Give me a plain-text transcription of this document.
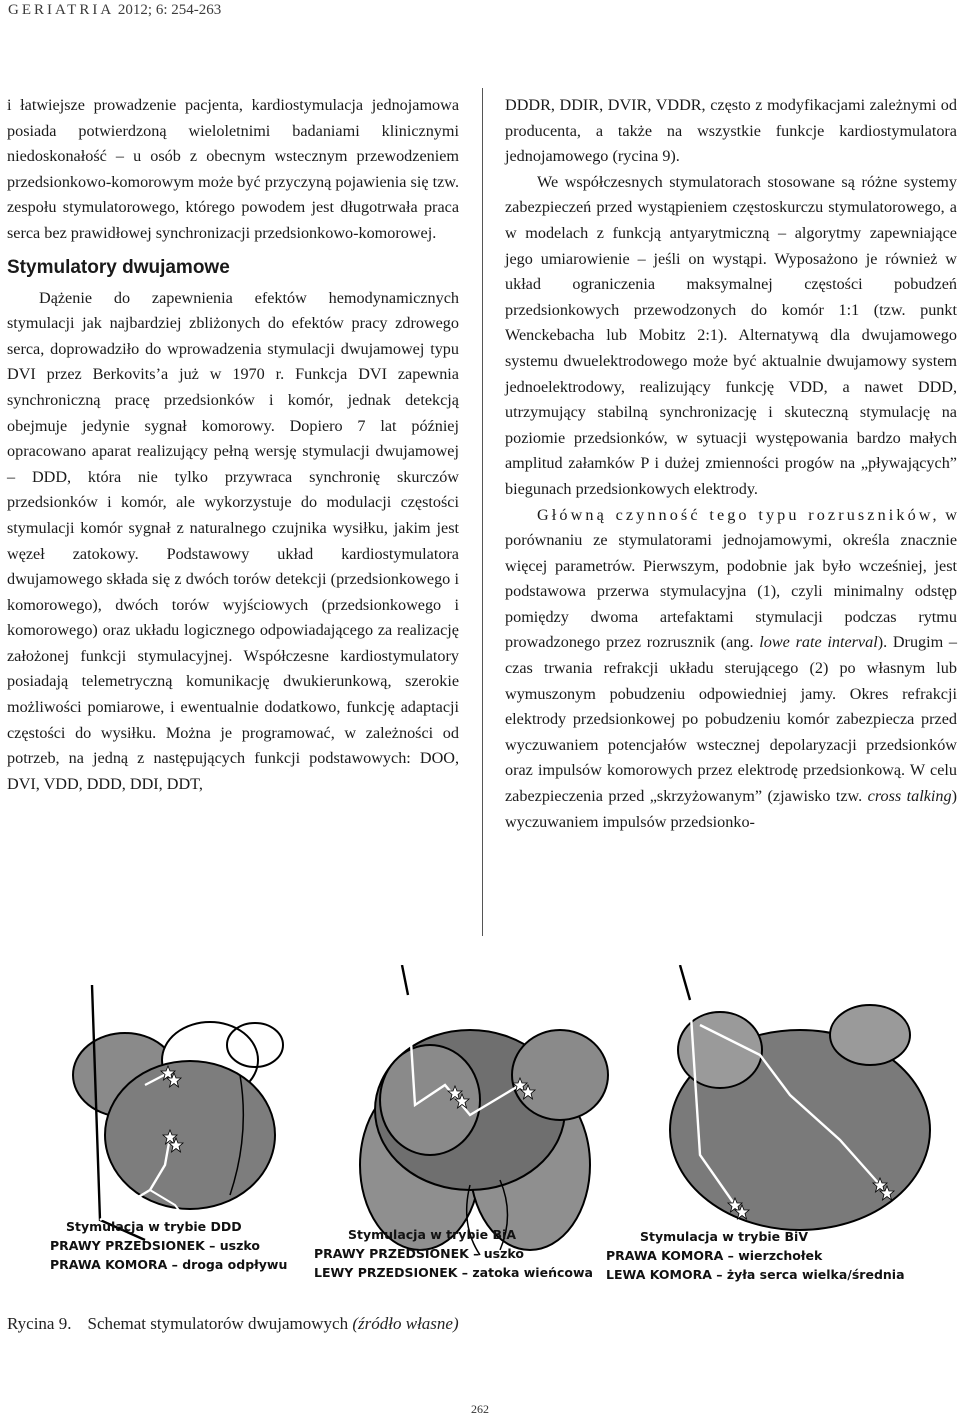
GERIATRIA 2012; 6: 254-263

i łatwiejsze prowadzenie pacjenta, kardiostymulacja jednojamowa posiada potwierdzoną wieloletnimi badaniami klinicznymi niedoskonałość – u osób z obecnym wstecznym przewodzeniem przedsionkowo-komorowym może być przyczyną pojawienia się tzw. zespołu stymulatorowego, którego powodem jest długotrwała praca serca bez prawidłowej synchronizacji przedsionkowo-komorowej.

Stymulatory dwujamowe

Dążenie do zapewnienia efektów hemodynamicznych stymulacji jak najbardziej zbliżonych do efektów pracy zdrowego serca, doprowadziło do wprowadzenia stymulacji dwujamowej typu DVI przez Berkovits’a już w 1970 r. Funkcja DVI zapewnia synchroniczną pracę przedsionków i komór, jednak detekcją obejmuje jedynie sygnał komorowy. Dopiero 7 lat później opracowano aparat realizujący pełną wersję stymulacji dwujamowej – DDD, która nie tylko przywraca synchronię skurczów przedsionków i komór, ale wykorzystuje do modulacji częstości stymulacji komór sygnał z naturalnego czujnika wysiłku, jakim jest węzeł zatokowy. Podstawowy układ kardiostymulatora dwujamowego składa się z dwóch torów detekcji (przedsionkowego i komorowego), dwóch torów wyjściowych (przedsionkowego i komorowego) oraz układu logicznego odpowiadającego za realizację założonej funkcji stymulacyjnej. Współczesne kardiostymulatory posiadają telemetryczną komunikację dwukierunkową, szerokie możliwości pomiarowe, i ewentualnie dodatkowo, funkcję adaptacji częstości do wysiłku. Można je programować, w zależności od potrzeb, na jedną z następujących funkcji podstawowych: DOO, DVI, VDD, DDD, DDI, DDT,

DDDR, DDIR, DVIR, VDDR, często z modyfikacjami zależnymi od producenta, a także na wszystkie funkcje kardiostymulatora jednojamowego (rycina 9).

We współczesnych stymulatorach stosowane są różne systemy zabezpieczeń przed wystąpieniem częstoskurczu stymulatorowego, a w modelach z funkcją antyarytmiczną – algorytmy zapewniające jego umiarowienie – jeśli on wystąpi. Wyposażono je również w układ ograniczenia maksymalnej częstości pobudzeń przedsionkowych przewodzonych do komór 1:1 (tzw. punkt Wenckebacha lub Mobitz 2:1). Alternatywą dla dwujamowego systemu dwuelektrodowego może być aktualnie dwujamowy system jednoelektrodowy, realizujący funkcję VDD, a nawet DDD, utrzymujący stabilną synchronizację i skuteczną stymulację na poziomie przedsionków, w sytuacji występowania bardzo małych amplitud załamków P i dużej zmienności progów na „pływających” biegunach przedsionkowych elektrody.

Główną czynność tego typu rozruszników, w porównaniu ze stymulatorami jednojamowymi, określa znacznie więcej parametrów. Pierwszym, podobnie jak było wcześniej, jest podstawowa przerwa stymulacyjna (1), czyli minimalny odstęp pomiędzy dwoma artefaktami stymulacji podczas rytmu prowadzonego przez rozrusznik (ang. lowe rate interval). Drugim – czas trwania refrakcji układu sterującego (2) po własnym lub wymuszonym pobudzeniu odpowiedniej jamy. Okres refrakcji elektrody przedsionkowej po pobudzeniu komór zabezpiecza przed wyczuwaniem potencjałów wstecznej depolaryzacji przedsionków oraz impulsów komorowych przez elektrodę przedsionkową. W celu zabezpieczenia przed „skrzyżowanym” (zjawisko tzw. cross talking) wyczuwaniem impulsów przedsionko-

Stymulacja w trybie DDD
PRAWY PRZEDSIONEK – uszko
PRAWA KOMORA – droga odpływu
Stymulacja w trybie BiA
PRAWY PRZEDSIONEK – uszko
LEWY PRZEDSIONEK – zatoka wieńcowa
Stymulacja w trybie BiV
PRAWA KOMORA – wierzchołek
LEWA KOMORA – żyła serca wielka/średnia
Rycina 9. Schemat stymulatorów dwujamowych (źródło własne)
262
